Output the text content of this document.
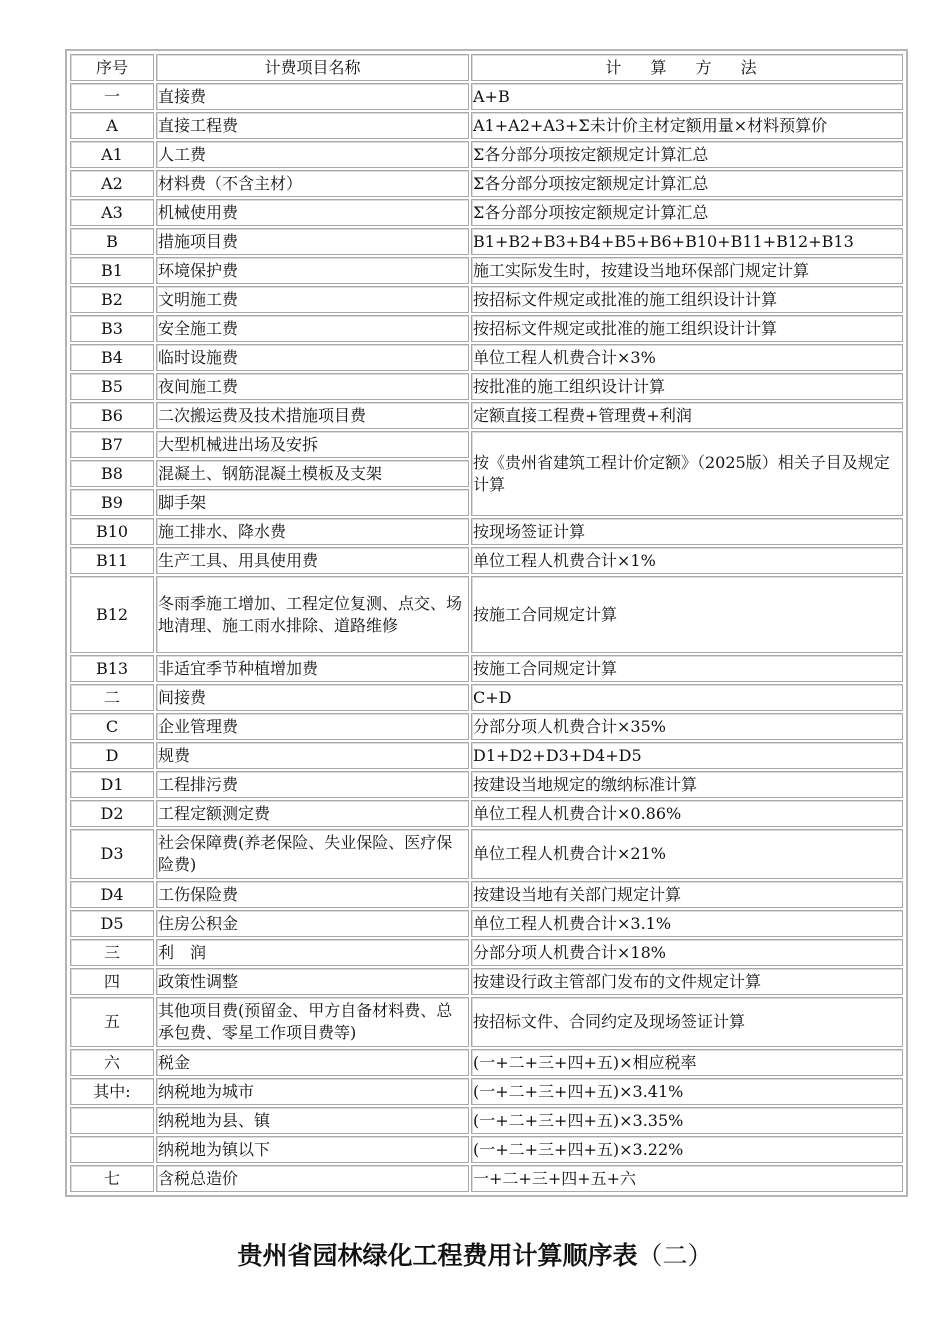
序号	计费项目名称	计 算 方 法
一	直接费	A+B
A	直接工程费	A1+A2+A3+Σ未计价主材定额用量×材料预算价
A1	人工费	Σ各分部分项按定额规定计算汇总
A2	材料费（不含主材）	Σ各分部分项按定额规定计算汇总
A3	机械使用费	Σ各分部分项按定额规定计算汇总
B	措施项目费	B1+B2+B3+B4+B5+B6+B10+B11+B12+B13
B1	环境保护费	施工实际发生时，按建设当地环保部门规定计算
B2	文明施工费	按招标文件规定或批准的施工组织设计计算
B3	安全施工费	按招标文件规定或批准的施工组织设计计算
B4	临时设施费	单位工程人机费合计×3%
B5	夜间施工费	按批准的施工组织设计计算
B6	二次搬运费及技术措施项目费	定额直接工程费+管理费+利润
B7	大型机械进出场及安拆	按《贵州省建筑工程计价定额》（2025版）相关子目及规定计算
B8	混凝土、钢筋混凝土模板及支架	
B9	脚手架	
B10	施工排水、降水费	按现场签证计算
B11	生产工具、用具使用费	单位工程人机费合计×1%
B12	冬雨季施工增加、工程定位复测、点交、场地清理、施工雨水排除、道路维修	按施工合同规定计算
B13	非适宜季节种植增加费	按施工合同规定计算
二	间接费	C+D
C	企业管理费	分部分项人机费合计×35%
D	规费	D1+D2+D3+D4+D5
D1	工程排污费	按建设当地规定的缴纳标准计算
D2	工程定额测定费	单位工程人机费合计×0.86%
D3	社会保障费(养老保险、失业保险、医疗保险费)	单位工程人机费合计×21%
D4	工伤保险费	按建设当地有关部门规定计算
D5	住房公积金	单位工程人机费合计×3.1%
三	利　润	分部分项人机费合计×18%
四	政策性调整	按建设行政主管部门发布的文件规定计算
五	其他项目费(预留金、甲方自备材料费、总承包费、零星工作项目费等)	按招标文件、合同约定及现场签证计算
六	税金	(一+二+三+四+五)×相应税率
其中:	纳税地为城市	(一+二+三+四+五)×3.41%
	纳税地为县、镇	(一+二+三+四+五)×3.35%
	纳税地为镇以下	(一+二+三+四+五)×3.22%
七	含税总造价	一+二+三+四+五+六
贵州省园林绿化工程费用计算顺序表（二）
